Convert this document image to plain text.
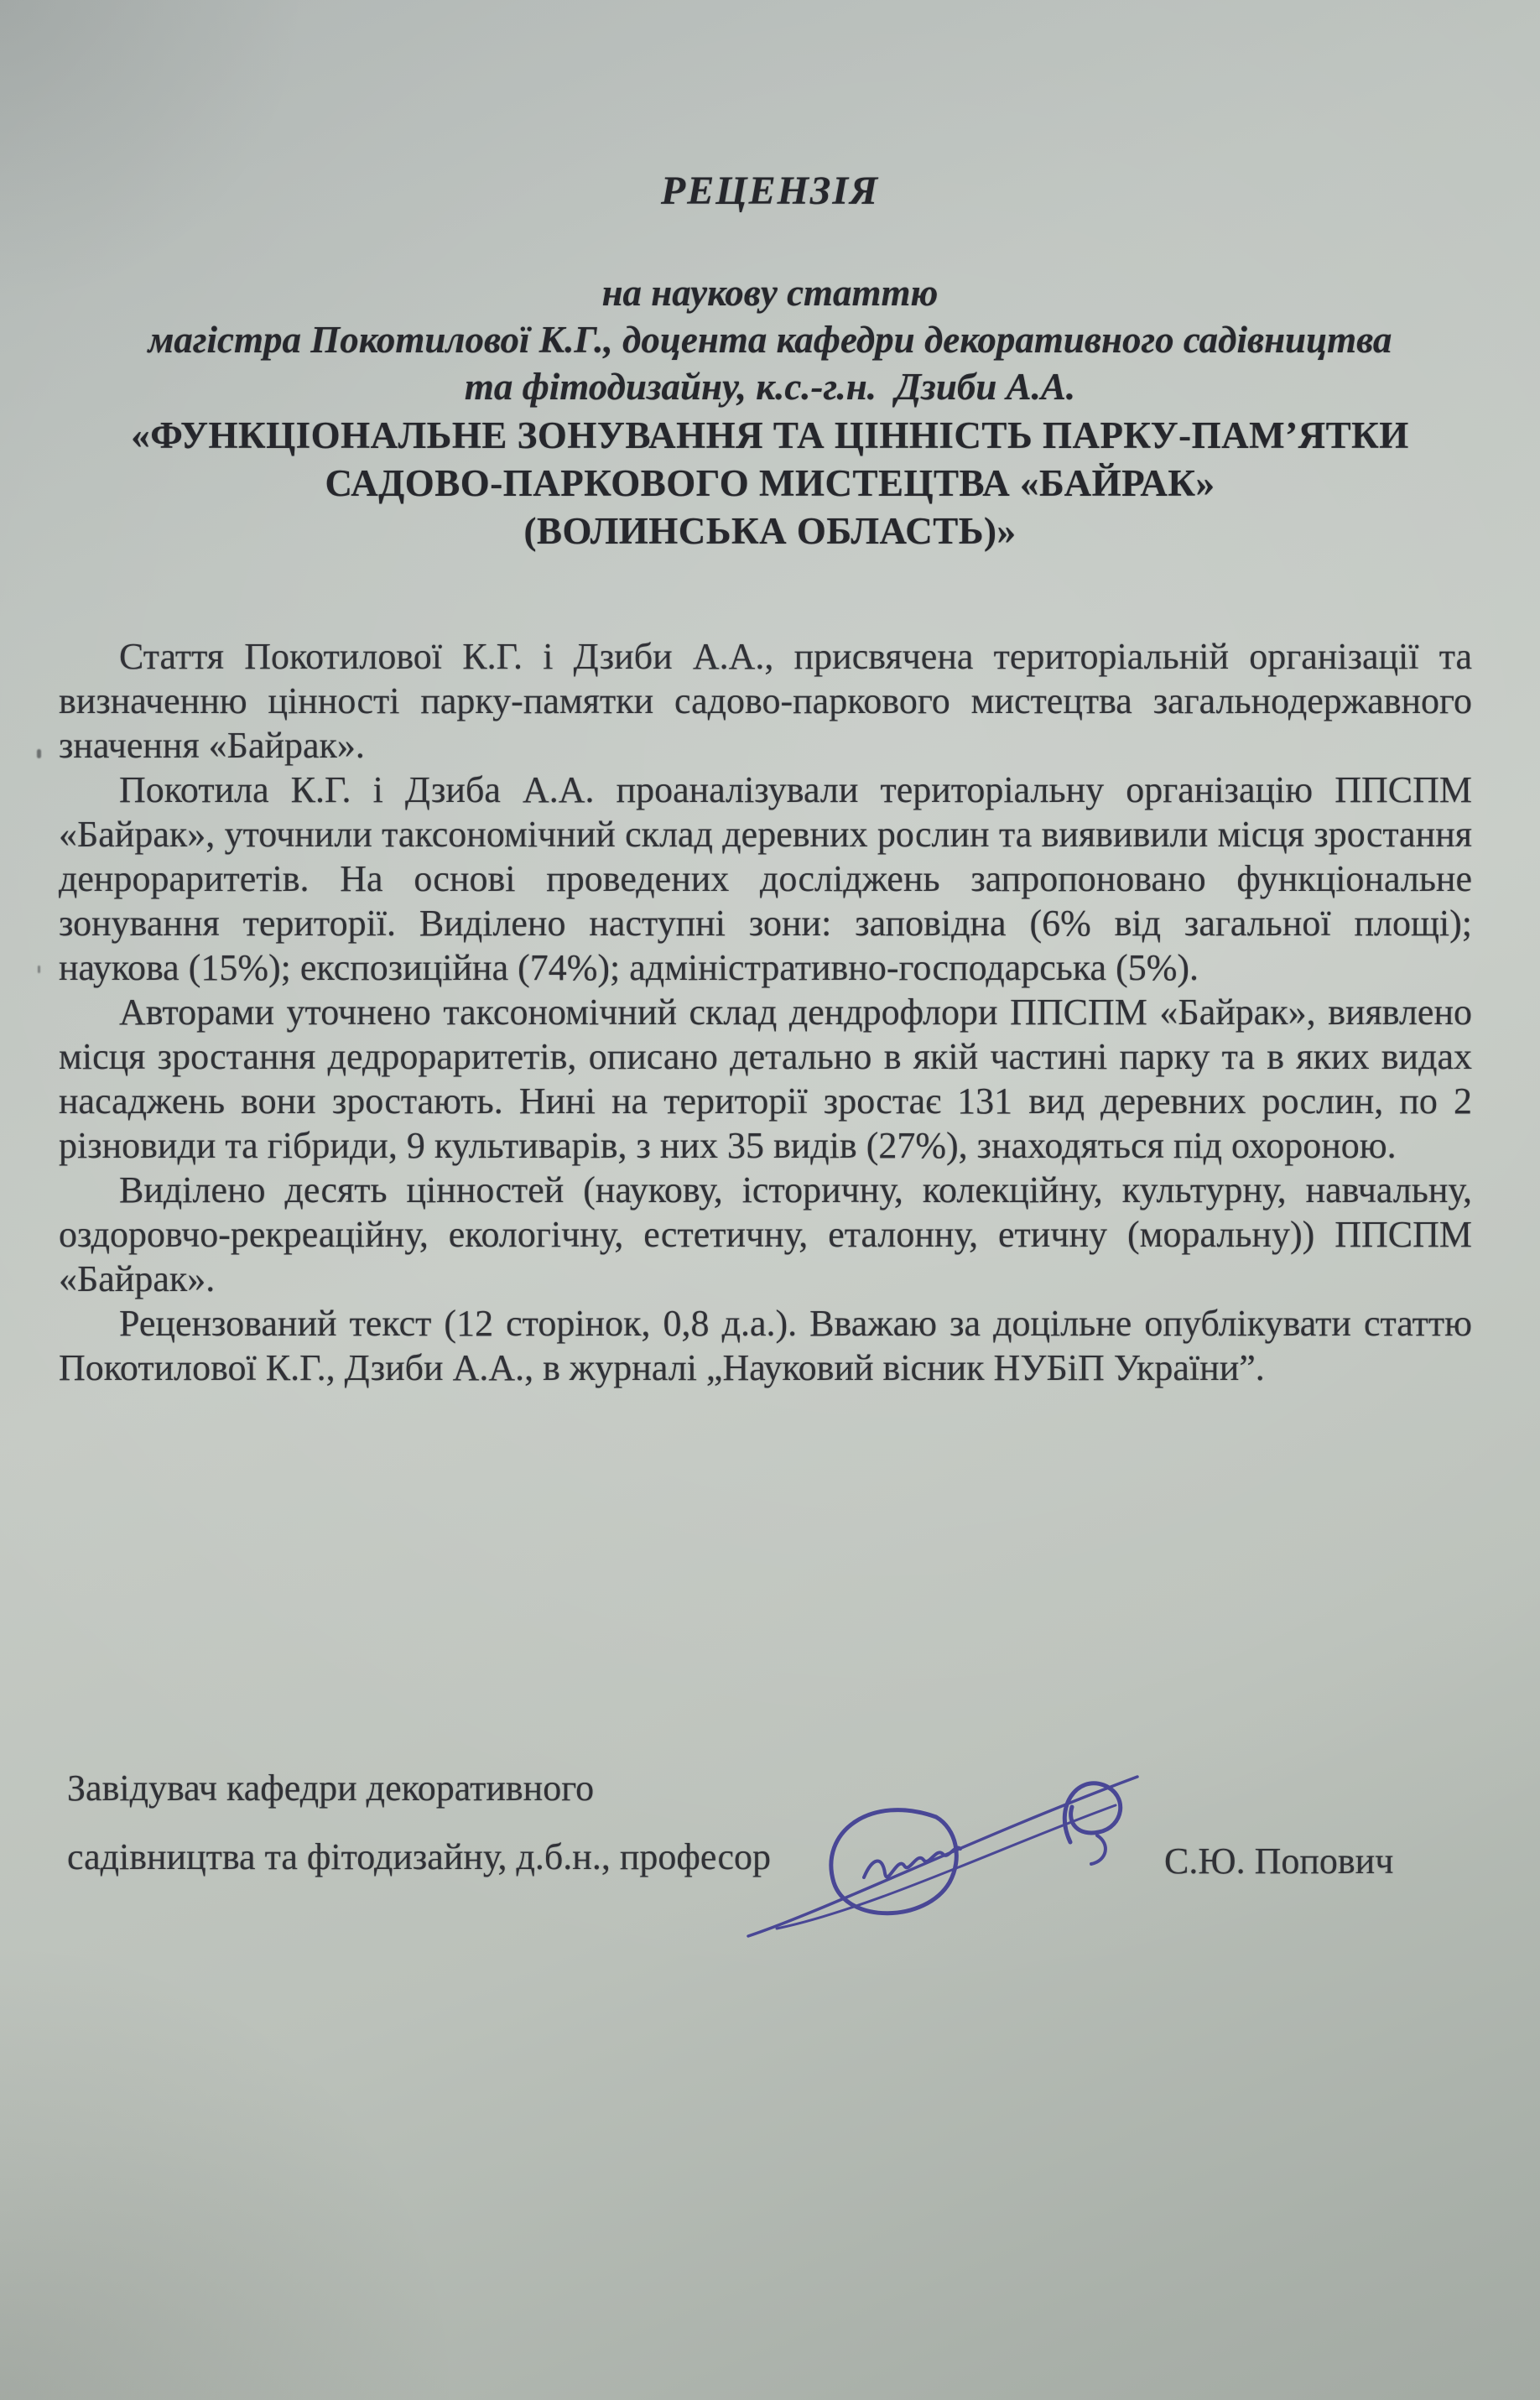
РЕЦЕНЗІЯ
на наукову статтю
магістра Покотилової К.Г., доцента кафедри декоративного садівництва
та фітодизайну, к.с.-г.н.  Дзиби А.А.
«ФУНКЦІОНАЛЬНЕ ЗОНУВАННЯ ТА ЦІННІСТЬ ПАРКУ-ПАМ’ЯТКИ
САДОВО-ПАРКОВОГО МИСТЕЦТВА «БАЙРАК»
(ВОЛИНСЬКА ОБЛАСТЬ)»

Стаття Покотилової К.Г. і Дзиби А.А., присвячена територіальній організації та визначенню цінності парку-памятки садово-паркового мистецтва загальнодержавного значення «Байрак».

Покотила К.Г. і Дзиба А.А. проаналізували територіальну організацію ППСПМ «Байрак», уточнили таксономічний склад деревних рослин та виявивили місця зростання денрораритетів. На основі проведених досліджень запропоновано функціональне зонування території. Виділено наступні зони: заповідна (6% від загальної площі); наукова (15%); експозиційна (74%); адміністративно-господарська (5%).

Авторами уточнено таксономічний склад дендрофлори ППСПМ «Байрак», виявлено місця зростання дедрораритетів, описано детально в якій частині парку та в яких видах насаджень вони зростають. Нині на території зростає 131 вид деревних рослин, по 2 різновиди та гібриди, 9 культиварів, з них 35 видів (27%), знаходяться під охороною.

Виділено десять цінностей (наукову, історичну, колекційну, культурну, навчальну, оздоровчо-рекреаційну, екологічну, естетичну, еталонну, етичну (моральну)) ППСПМ «Байрак».

Рецензований текст (12 сторінок, 0,8 д.а.). Вважаю за доцільне опублікувати статтю Покотилової К.Г., Дзиби А.А., в журналі „Науковий вісник НУБіП України”.

Завідувач кафедри декоративного
садівництва та фітодизайну, д.б.н., професор	С.Ю. Попович
